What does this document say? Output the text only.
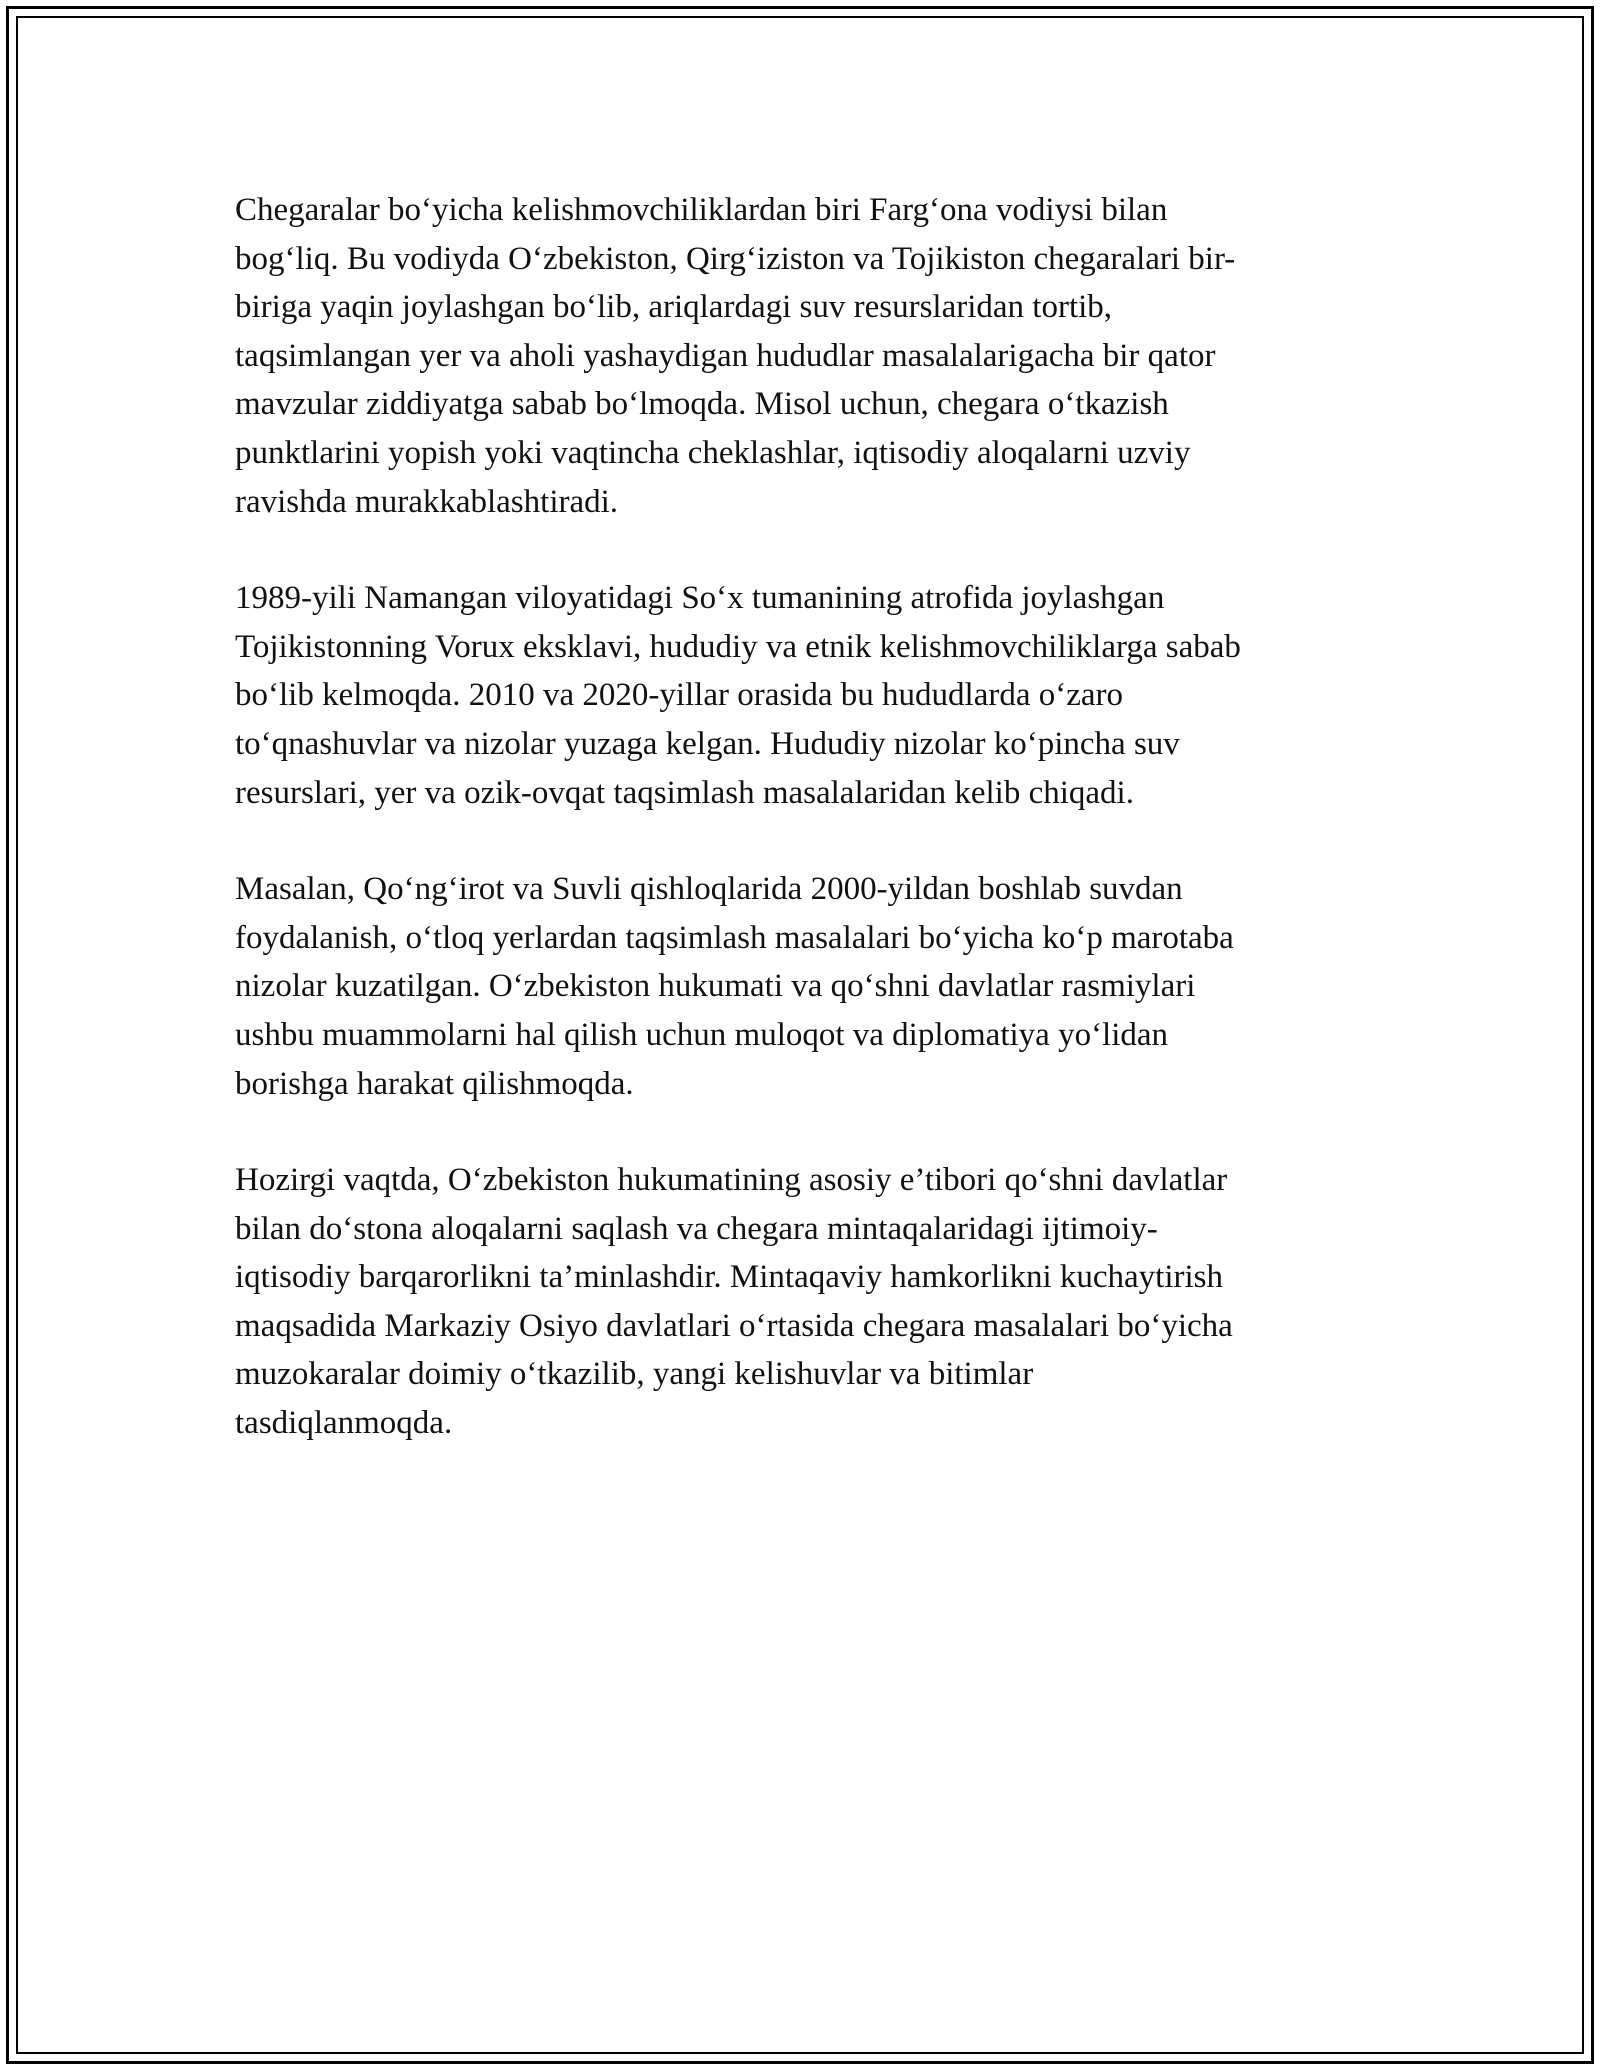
Chegaralar bo‘yicha kelishmovchiliklardan biri Farg‘ona vodiysi bilan
bog‘liq. Bu vodiyda O‘zbekiston, Qirg‘iziston va Tojikiston chegaralari bir-
biriga yaqin joylashgan bo‘lib, ariqlardagi suv resurslaridan tortib,
taqsimlangan yer va aholi yashaydigan hududlar masalalarigacha bir qator
mavzular ziddiyatga sabab bo‘lmoqda. Misol uchun, chegara o‘tkazish
punktlarini yopish yoki vaqtincha cheklashlar, iqtisodiy aloqalarni uzviy
ravishda murakkablashtiradi.

1989-yili Namangan viloyatidagi So‘x tumanining atrofida joylashgan
Tojikistonning Vorux eksklavi, hududiy va etnik kelishmovchiliklarga sabab
bo‘lib kelmoqda. 2010 va 2020-yillar orasida bu hududlarda o‘zaro
to‘qnashuvlar va nizolar yuzaga kelgan. Hududiy nizolar ko‘pincha suv
resurslari, yer va ozik-ovqat taqsimlash masalalaridan kelib chiqadi.

Masalan, Qo‘ng‘irot va Suvli qishloqlarida 2000-yildan boshlab suvdan
foydalanish, o‘tloq yerlardan taqsimlash masalalari bo‘yicha ko‘p marotaba
nizolar kuzatilgan. O‘zbekiston hukumati va qo‘shni davlatlar rasmiylari
ushbu muammolarni hal qilish uchun muloqot va diplomatiya yo‘lidan
borishga harakat qilishmoqda.

Hozirgi vaqtda, O‘zbekiston hukumatining asosiy e’tibori qo‘shni davlatlar
bilan do‘stona aloqalarni saqlash va chegara mintaqalaridagi ijtimoiy-
iqtisodiy barqarorlikni ta’minlashdir. Mintaqaviy hamkorlikni kuchaytirish
maqsadida Markaziy Osiyo davlatlari o‘rtasida chegara masalalari bo‘yicha
muzokaralar doimiy o‘tkazilib, yangi kelishuvlar va bitimlar
tasdiqlanmoqda.
